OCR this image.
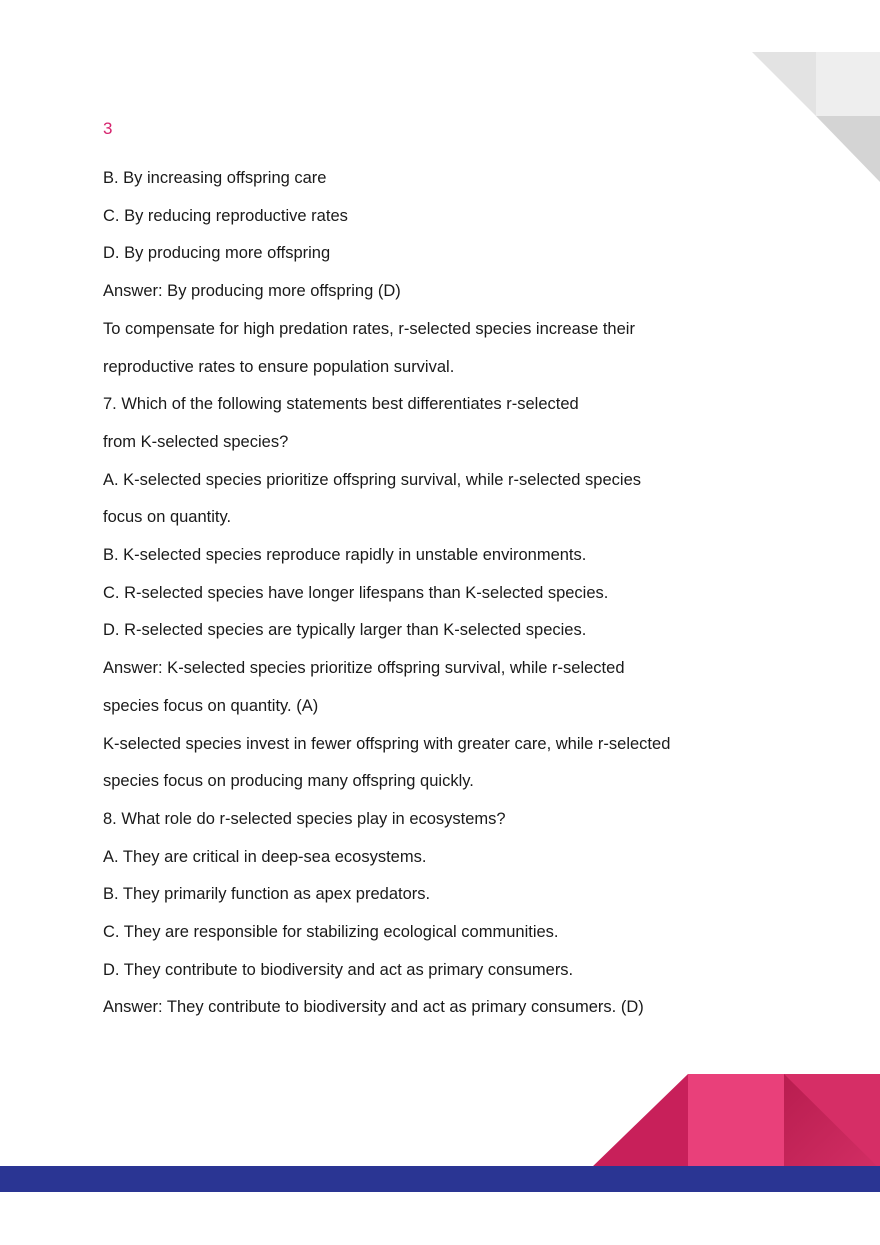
3
B. By increasing offspring care
C. By reducing reproductive rates
D. By producing more offspring
Answer: By producing more offspring (D)
To compensate for high predation rates, r-selected species increase their
reproductive rates to ensure population survival.
7. Which of the following statements best differentiates r-selected
from K-selected species?
A. K-selected species prioritize offspring survival, while r-selected species
focus on quantity.
B. K-selected species reproduce rapidly in unstable environments.
C. R-selected species have longer lifespans than K-selected species.
D. R-selected species are typically larger than K-selected species.
Answer: K-selected species prioritize offspring survival, while r-selected
species focus on quantity. (A)
K-selected species invest in fewer offspring with greater care, while r-selected
species focus on producing many offspring quickly.
8. What role do r-selected species play in ecosystems?
A. They are critical in deep-sea ecosystems.
B. They primarily function as apex predators.
C. They are responsible for stabilizing ecological communities.
D. They contribute to biodiversity and act as primary consumers.
Answer: They contribute to biodiversity and act as primary consumers. (D)
